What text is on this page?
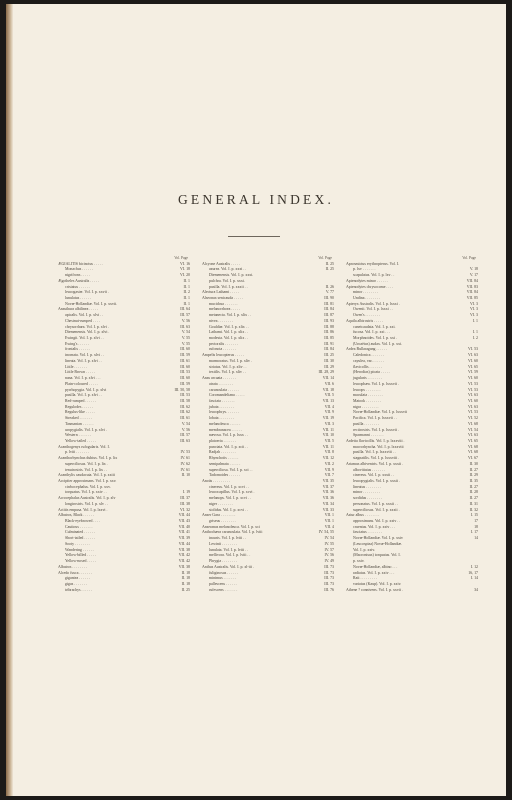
GENERAL INDEX.
Vol. Page
ÆGIALITIS bicinctus . . . . .	VI. 16
Monachus . . . . . .	VI. 18
nigrifrons . . . . .	VI. 20
Ægotheles Australis . . . . .	II. 1
cristatus . . . . . .	II. 1
leucogaster. Vol. I. p. xxvii .	II. 2
lunulatus . . . . . .	II. 1
Novæ-Hollandiæ. Vol. I. p. xxvii.	II. 1
Anasthura albilinea . . . . .	III. 64
apicalis. Vol. I. p. xlvi . .	III. 57
Chestnut-rumped . . . .	V. 56
chrysorrhœa. Vol. I. p. xlvi .	III. 63
Diemenensis. Vol. I. p. xlvi .	V. 54
Ewingii. Vol. I. p. xlvi . .	V. 55
Ewing's . . . . . .	V. 55
frontalis . . . . . .	III. 60
inornata. Vol. I. p. xlvi . .	III. 59
lineata. Vol. I. p. xlvi . .	III. 61
Little . . . . . . .	III. 60
Little Brown . . . . .	III. 53
nana. Vol. I. p. xlvi . . .	III. 60
Plain-coloured . . . . .	III. 59
pyrrhopygia. Vol. I. p. xlvi	III. 50, 58
pusilla. Vol. I. p. xlvi . .	III. 53
Red-rumped . . . . . .	III. 58
Regulodes . . . . . .	III. 62
Regulus-like . . . . .	III. 62
Streaked . . . . . . .	III. 61
Tasmanian . . . . . .	V. 54
uropygialis. Vol. I. p. xlvi .	V. 56
Western . . . . . . .	III. 57
Yellow-tailed . . . . .	III. 63
Acanthogenys rufogularis. Vol. I.
p. lviii . . . . . . .	IV. 53
Acanthorhynchus dubius. Vol. I. p. lix	IV. 61
superciliosus. Vol. I. p. lix .	IV. 62
tenuirostris. Vol. I. p. lix . .	IV. 61
Acanthylis caudacuta. Vol. I. p. xxiii	II. 10
Accipiter approximans. Vol. I. p. xxv.
cirrhocephalus. Vol. I. p. xxv.
torquatus. Vol. I. p. xxiv . .	I. 19
Acrocephalus Australis. Vol. I. p. xlv	III. 37
longirostris. Vol. I. p. xlv . .	III. 38
Actitis empusa. Vol. I. p. lxxvi .	VI. 32
Albatros, Black . . . . . .	VII. 44
Black-eyebrowed . . . .	VII. 43
Cautious . . . . . . .	VII. 40
Culminated . . . . . .	VII. 41
Short-tailed . . . . . .	VII. 39
Sooty . . . . . . . .	VII. 44
Wandering . . . . . .	VII. 38
Yellow-billed . . . . .	VII. 42
Yellow-nosed . . . . .	VII. 42
Albatros . . . . . . . .	VII. 38
Alcedo fusca . . . . . . .	II. 18
gigantea . . . . . .	II. 18
gigas . . . . . . .	II. 18
tribrachys . . . . . .	II. 25
Vol. Page
Alcyone Australis . . . . .	II. 25
azurea. Vol. I. p. xxxi . .	II. 25
Diemenensis. Vol. I. p. xxxi.
pulchra. Vol. I. p. xxxi.
pusilla. Vol. I. p. xxxii . .	II. 26
Alectura Lathami . . . . .	V. 77
Alseonax senicauda . . . . .	III. 90
mucidosa . . . . . . .	III. 81
melanorrhoea . . . . .	III. 84
metanecta. Vol. I. p. xlix . .	III. 87
nivea . . . . . . . .	III. 93
Gouldiæ. Vol. I. p. xlix . .	III. 88
Lathami. Vol. I. p. xlix . .	III. 86
modesta. Vol. I. p. xlix . .	III. 85
pectoralis . . . . . . .	III. 91
rufonota . . . . . . .	III. 84
Ampelis leucopterus . . . . .	III. 25
marmoratus. Vol. I. p. xliv .	III. 30
striatus. Vol. I. p. xliv . .	III. 29
textilis. Vol. I. p. xliv . .	III. 28, 29
Anas arcuata . . . . . . .	VII. 14
atrata . . . . . . . .	VII. 6
carunculata . . . . . .	VII. 18
Coromandeliana . . . . .	VII. 5
fasciata . . . . . . .	VII. 13
jubata . . . . . . . .	VII. 4
leucophrys. . . . . . .	VII. 9
lobata . . . . . . . .	VII. 19
melanoleuca . . . . . .	VII. 3
membranacea . . . . . .	VII. 11
nævosa. Vol. I. p. lxxx . .	VII. 10
platoeria . . . . . . .	VII. 5
punctata. Vol. I. p. xcii . .	VII. 11
Radjah . . . . . . . .	VII. 8
Rhynchotis . . . . . .	VII. 12
semipalmata . . . . . .	VII. 2
superciliosa. Vol. I. p. xci . .	VII. 9
Tadornoides . . . . . .	VII. 7
Anoüs . . . . . . . . .	VII. 35
cinereus. Vol. I. p. xcvi . .	VII. 37
leucocapillus. Vol. I. p. xcvi .	VII. 36
melanops. Vol. I. p. xcvi . .	VII. 36
niger . . . . . . . .	VII. 34
stolidus. Vol. I. p. xcvi . .	VII. 33
Anser Gara . . . . . . . .	VII. 1
griseus . . . . . . . .	VII. 1
Anseranas melanoleuca. Vol. I. p. xci	VII. 4
Anthochæra carunculata. Vol. I. p. lviii	IV. 54, 55
inauris. Vol. I. p. lviii . .	IV. 54
Lewinii . . . . . . . .	IV. 55
lunulata. Vol. I. p. lviii . .	IV. 57
mellivora. Vol. I. p. lviii . .	IV. 56
Phrygia . . . . . . . .	IV. 49
Anthus Australis. Vol. I. p. xl-iii .	III. 73
fuliginosus . . . . . .	III. 73
minimus . . . . . . .	III. 73
pallescens . . . . . .	III. 73
rufescens . . . . . . .	III. 76
Vol. Page
Aprosmictus erythropterus. Vol. I.
p. lxv . . . . . . .	V. 18
scapulatus. Vol. I. p. lxv . .	V. 17
Aptenodytes minor . . . . . .	VII. 84
Aptenodytes chrysocome . . . .	VII. 83
minor . . . . . . . .	VII. 84
Undina . . . . . . . .	VII. 85
Apteryx Australis. Vol. I. p. lxxxi .	VI. 3
Owenii. Vol. I. p. lxxxi . .	VI. 3
Owen's . . . . . . . .	VI. 3
Aquila albirostris . . . . .	I. 1
cuneicaudata. Vol. I. p. xxi.
fucosa. Vol. I. p. xxi . . .	I. 1
Morphnoides. Vol. I. p. xxi .	I. 2
(Uroaëtus) audax. Vol. I. p. xxi.
Ardea Bullaragang . . . . . .	VI. 53
Caledonica . . . . . . .	VI. 63
cayulea, var. . . . . . .	VI. 60
flavicollis . . . . . . .	VI. 65
(Herodias) picata . . . . .	VI. 59
jugularis . . . . . . . .	VI. 60
leucophæa. Vol. I. p. lxxxvii .	VI. 53
leucops . . . . . . . .	VI. 53
maculata . . . . . . . .	VI. 63
Matook . . . . . . . .	VI. 60
nigra . . . . . . . . .	VI. 63
Novæ-Hollandiæ. Vol. I. p. lxxxvii	VI. 53
Pacifica. Vol. I. p. lxxxvii . .	VI. 52
pusilla . . . . . . . .	VI. 68
rectirostris. Vol. I. p. lxxxvii .	VI. 54
Sparmanni . . . . . . .	VI. 63
Ardetta flavicollis. Vol. I. p. lxxxviii .	VI. 65
macrorhyncha. Vol. I. p. lxxxviii	VI. 68
pusilla. Vol. I. p. lxxxviii . .	VI. 68
stagnatilis. Vol. I. p. lxxxviii .	VI. 67
Artamus albiventris. Vol. I. p. xxxii .	II. 30
albovittatus . . . . . . .	II. 27
cinereus. Vol. I. p. xxxii . .	II. 29
leucopygialis. Vol. I. p. xxxii .	II. 35
lineatus . . . . . . . .	II. 27
minor . . . . . . . . .	II. 28
sordidus . . . . . . . .	II. 27
personatus. Vol. I. p. xxxii . .	II. 31
superciliosus. Vol. I. p. xxxii .	II. 32
Astur albus . . . . . . . .	I. 15
approximans. Vol. I. p. xxiv . .	17
cruentus. Vol. I. p. xxiv . . .	18
fasciatus . . . . . . . .	I. 17
Novæ-Hollandiæ. Vol. I. p. xxiv	14
(Leucospiza) Novæ-Hollandiæ.
Vol. I. p. xxiv.
(Macronisus) torquatus. Vol. I.
p. xxiv.
Novæ-Hollandiæ, albino . . .	I. 12
radiatus. Vol. I. p. xxiv . . .	16, 17
Raii . . . . . . . . .	I. 14
variatus (Kaup). Vol. I. p. xxiv.
Athene ? connivens. Vol. I. p. xxvii .	34
